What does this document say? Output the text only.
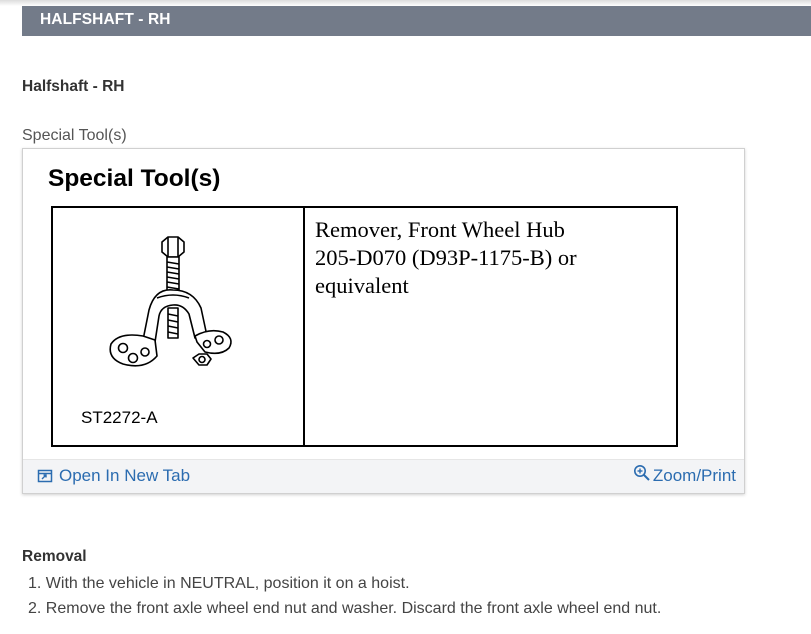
HALFSHAFT - RH
Halfshaft - RH
Special Tool(s)
Special Tool(s)
ST2272-A
Remover, Front Wheel Hub
205-D070 (D93P-1175-B) or
equivalent
Open In New Tab	Zoom/Print
Removal
1. With the vehicle in NEUTRAL, position it on a hoist.
2. Remove the front axle wheel end nut and washer. Discard the front axle wheel end nut.
